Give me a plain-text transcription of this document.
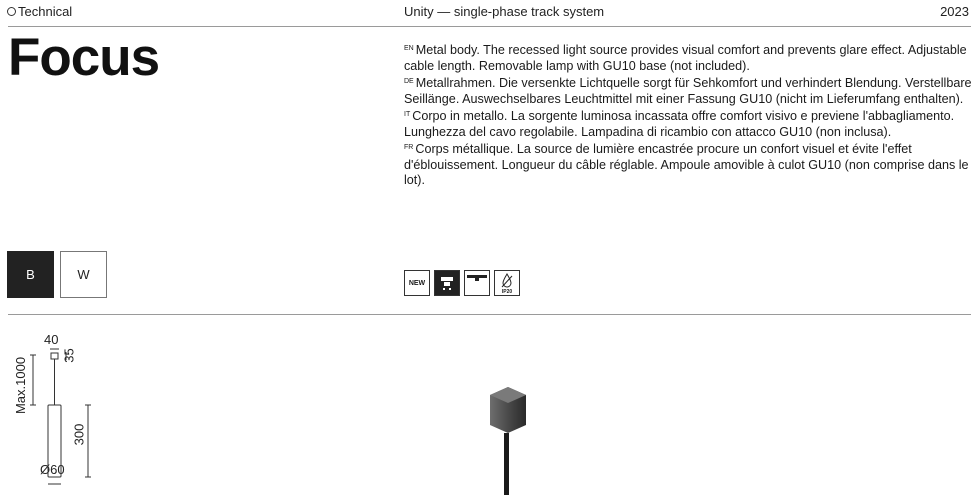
Technical	Unity — single-phase track system	2023
Focus	$^{EN}$ Metal body. The recessed light source provides visual comfort and prevents glare effect. Adjustable cable length. Removable lamp with GU10 base (not included).
$^{DE}$ Metallrahmen. Die versenkte Lichtquelle sorgt für Sehkomfort und verhindert Blendung. Verstellbare Seillänge. Auswechselbares Leuchtmittel mit einer Fassung GU10 (nicht im Lieferumfang enthalten).
$^{IT}$ Corpo in metallo. La sorgente luminosa incassata offre comfort visivo e previene l'abbagliamento. Lunghezza del cavo regolabile. Lampadina di ricambio con attacco GU10 (non inclusa).
$^{FR}$ Corps métallique. La source de lumière encastrée procure un confort visuel et évite l'effet d'éblouissement. Longueur du câble réglable. Ampoule amovible à culot GU10 (non comprise dans le lot).
B	W
NEW
IP20
40
35
Max.1000
300
Ø60
